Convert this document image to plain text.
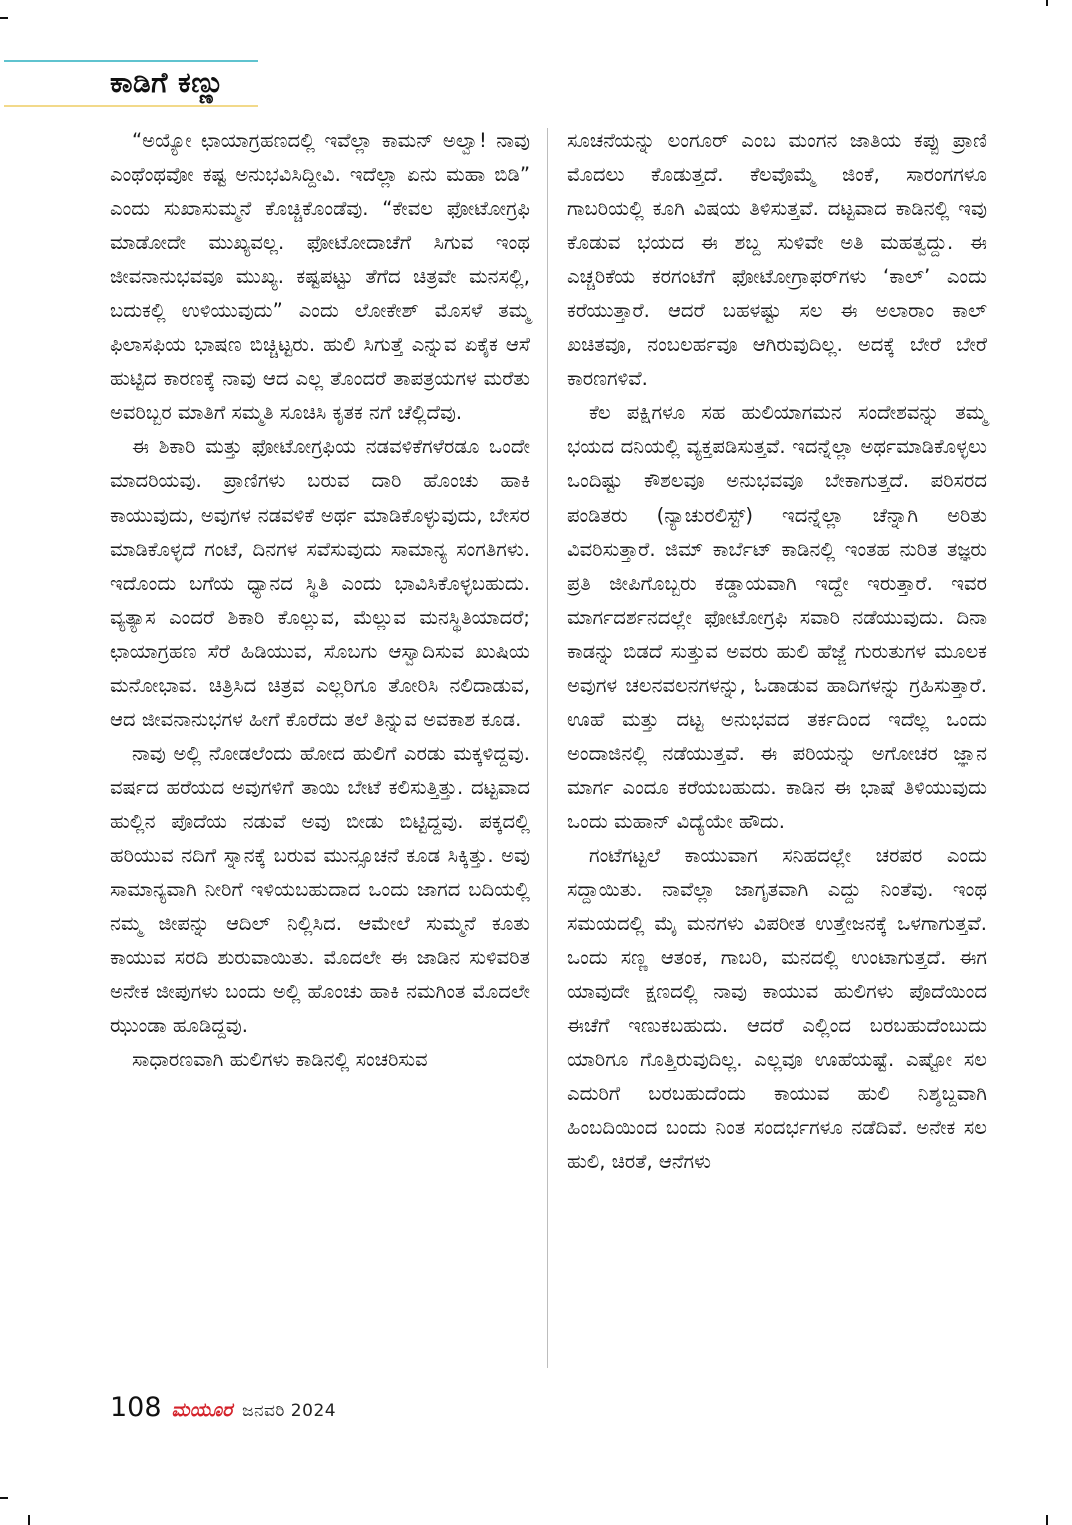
ಕಾಡಿಗೆ ಕಣ್ಣು

“ಅಯ್ಯೋ ಛಾಯಾಗ್ರಹಣದಲ್ಲಿ ಇವೆಲ್ಲಾ ಕಾಮನ್ ಅಲ್ವಾ! ನಾವು ಎಂಥೆಂಥವೋ ಕಷ್ಟ ಅನುಭವಿಸಿದ್ದೀವಿ. ಇದೆಲ್ಲಾ ಏನು ಮಹಾ ಬಿಡಿ” ಎಂದು ಸುಖಾಸುಮ್ಮನೆ ಕೊಚ್ಚಿಕೊಂಡೆವು. “ಕೇವಲ ಫೋಟೋಗ್ರಫಿ ಮಾಡೋದೇ ಮುಖ್ಯವಲ್ಲ. ಫೋಟೋದಾಚೆಗೆ ಸಿಗುವ ಇಂಥ ಜೀವನಾನುಭವವೂ ಮುಖ್ಯ. ಕಷ್ಟಪಟ್ಟು ತೆಗೆದ ಚಿತ್ರವೇ ಮನಸಲ್ಲಿ, ಬದುಕಲ್ಲಿ ಉಳಿಯುವುದು” ಎಂದು ಲೋಕೇಶ್ ಮೊಸಳೆ ತಮ್ಮ ಫಿಲಾಸಫಿಯ ಭಾಷಣ ಬಿಚ್ಚಿಟ್ಟರು. ಹುಲಿ ಸಿಗುತ್ತೆ ಎನ್ನುವ ಏಕೈಕ ಆಸೆ ಹುಟ್ಟಿದ ಕಾರಣಕ್ಕೆ ನಾವು ಆದ ಎಲ್ಲ ತೊಂದರೆ ತಾಪತ್ರಯಗಳ ಮರೆತು ಅವರಿಬ್ಬರ ಮಾತಿಗೆ ಸಮ್ಮತಿ ಸೂಚಿಸಿ ಕೃತಕ ನಗೆ ಚೆಲ್ಲಿದೆವು.

ಈ ಶಿಕಾರಿ ಮತ್ತು ಫೋಟೋಗ್ರಫಿಯ ನಡವಳಿಕೆಗಳೆರಡೂ ಒಂದೇ ಮಾದರಿಯವು. ಪ್ರಾಣಿಗಳು ಬರುವ ದಾರಿ ಹೊಂಚು ಹಾಕಿ ಕಾಯುವುದು, ಅವುಗಳ ನಡವಳಿಕೆ ಅರ್ಥ ಮಾಡಿಕೊಳ್ಳುವುದು, ಬೇಸರ ಮಾಡಿಕೊಳ್ಳದೆ ಗಂಟೆ, ದಿನಗಳ ಸವೆಸುವುದು ಸಾಮಾನ್ಯ ಸಂಗತಿಗಳು. ಇದೊಂದು ಬಗೆಯ ಧ್ಯಾನದ ಸ್ಥಿತಿ ಎಂದು ಭಾವಿಸಿಕೊಳ್ಳಬಹುದು. ವ್ಯತ್ಯಾಸ ಎಂದರೆ ಶಿಕಾರಿ ಕೊಲ್ಲುವ, ಮೆಲ್ಲುವ ಮನಸ್ಥಿತಿಯಾದರೆ; ಛಾಯಾಗ್ರಹಣ ಸೆರೆ ಹಿಡಿಯುವ, ಸೊಬಗು ಆಸ್ವಾದಿಸುವ ಖುಷಿಯ ಮನೋಭಾವ. ಚಿತ್ರಿಸಿದ ಚಿತ್ರವ ಎಲ್ಲರಿಗೂ ತೋರಿಸಿ ನಲಿದಾಡುವ, ಆದ ಜೀವನಾನುಭಗಳ ಹೀಗೆ ಕೊರೆದು ತಲೆ ತಿನ್ನುವ ಅವಕಾಶ ಕೂಡ.

ನಾವು ಅಲ್ಲಿ ನೋಡಲೆಂದು ಹೋದ ಹುಲಿಗೆ ಎರಡು ಮಕ್ಕಳಿದ್ದವು. ವರ್ಷದ ಹರೆಯದ ಅವುಗಳಿಗೆ ತಾಯಿ ಬೇಟೆ ಕಲಿಸುತ್ತಿತ್ತು. ದಟ್ಟವಾದ ಹುಲ್ಲಿನ ಪೊದೆಯ ನಡುವೆ ಅವು ಬೀಡು ಬಿಟ್ಟಿದ್ದವು. ಪಕ್ಕದಲ್ಲಿ ಹರಿಯುವ ನದಿಗೆ ಸ್ನಾನಕ್ಕೆ ಬರುವ ಮುನ್ಸೂಚನೆ ಕೂಡ ಸಿಕ್ಕಿತ್ತು. ಅವು ಸಾಮಾನ್ಯವಾಗಿ ನೀರಿಗೆ ಇಳಿಯಬಹುದಾದ ಒಂದು ಜಾಗದ ಬದಿಯಲ್ಲಿ ನಮ್ಮ ಜೀಪನ್ನು ಆದಿಲ್ ನಿಲ್ಲಿಸಿದ. ಆಮೇಲೆ ಸುಮ್ಮನೆ ಕೂತು ಕಾಯುವ ಸರದಿ ಶುರುವಾಯಿತು. ಮೊದಲೇ ಈ ಜಾಡಿನ ಸುಳಿವರಿತ ಅನೇಕ ಜೀಪುಗಳು ಬಂದು ಅಲ್ಲಿ ಹೊಂಚು ಹಾಕಿ ನಮಗಿಂತ ಮೊದಲೇ ಝುಂಡಾ ಹೂಡಿದ್ದವು.

ಸಾಧಾರಣವಾಗಿ ಹುಲಿಗಳು ಕಾಡಿನಲ್ಲಿ ಸಂಚರಿಸುವ

ಸೂಚನೆಯನ್ನು ಲಂಗೂರ್ ಎಂಬ ಮಂಗನ ಜಾತಿಯ ಕಪ್ಪು ಪ್ರಾಣಿ ಮೊದಲು ಕೊಡುತ್ತದೆ. ಕೆಲವೊಮ್ಮೆ ಜಿಂಕೆ, ಸಾರಂಗಗಳೂ ಗಾಬರಿಯಲ್ಲಿ ಕೂಗಿ ವಿಷಯ ತಿಳಿಸುತ್ತವೆ. ದಟ್ಟವಾದ ಕಾಡಿನಲ್ಲಿ ಇವು ಕೊಡುವ ಭಯದ ಈ ಶಬ್ದ ಸುಳಿವೇ ಅತಿ ಮಹತ್ವದ್ದು. ಈ ಎಚ್ಚರಿಕೆಯ ಕರಗಂಟೆಗೆ ಫೋಟೋಗ್ರಾಫರ್‌ಗಳು ‘ಕಾಲ್’ ಎಂದು ಕರೆಯುತ್ತಾರೆ. ಆದರೆ ಬಹಳಷ್ಟು ಸಲ ಈ ಅಲಾರಾಂ ಕಾಲ್ ಖಚಿತವೂ, ನಂಬಲರ್ಹವೂ ಆಗಿರುವುದಿಲ್ಲ. ಅದಕ್ಕೆ ಬೇರೆ ಬೇರೆ ಕಾರಣಗಳಿವೆ.

ಕೆಲ ಪಕ್ಷಿಗಳೂ ಸಹ ಹುಲಿಯಾಗಮನ ಸಂದೇಶವನ್ನು ತಮ್ಮ ಭಯದ ದನಿಯಲ್ಲಿ ವ್ಯಕ್ತಪಡಿಸುತ್ತವೆ. ಇದನ್ನೆಲ್ಲಾ ಅರ್ಥಮಾಡಿಕೊಳ್ಳಲು ಒಂದಿಷ್ಟು ಕೌಶಲವೂ ಅನುಭವವೂ ಬೇಕಾಗುತ್ತದೆ. ಪರಿಸರದ ಪಂಡಿತರು (ನ್ಯಾಚುರಲಿಸ್ಟ್) ಇದನ್ನೆಲ್ಲಾ ಚೆನ್ನಾಗಿ ಅರಿತು ವಿವರಿಸುತ್ತಾರೆ. ಜಿಮ್ ಕಾರ್ಬೆಟ್ ಕಾಡಿನಲ್ಲಿ ಇಂತಹ ನುರಿತ ತಜ್ಞರು ಪ್ರತಿ ಜೀಪಿಗೊಬ್ಬರು ಕಡ್ಡಾಯವಾಗಿ ಇದ್ದೇ ಇರುತ್ತಾರೆ. ಇವರ ಮಾರ್ಗದರ್ಶನದಲ್ಲೇ ಫೋಟೋಗ್ರಫಿ ಸವಾರಿ ನಡೆಯುವುದು. ದಿನಾ ಕಾಡನ್ನು ಬಿಡದೆ ಸುತ್ತುವ ಅವರು ಹುಲಿ ಹೆಜ್ಜೆ ಗುರುತುಗಳ ಮೂಲಕ ಅವುಗಳ ಚಲನವಲನಗಳನ್ನು, ಓಡಾಡುವ ಹಾದಿಗಳನ್ನು ಗ್ರಹಿಸುತ್ತಾರೆ. ಊಹೆ ಮತ್ತು ದಟ್ಟ ಅನುಭವದ ತರ್ಕದಿಂದ ಇದೆಲ್ಲ ಒಂದು ಅಂದಾಜಿನಲ್ಲಿ ನಡೆಯುತ್ತವೆ. ಈ ಪರಿಯನ್ನು ಅಗೋಚರ ಜ್ಞಾನ ಮಾರ್ಗ ಎಂದೂ ಕರೆಯಬಹುದು. ಕಾಡಿನ ಈ ಭಾಷೆ ತಿಳಿಯುವುದು ಒಂದು ಮಹಾನ್ ವಿದ್ಯೆಯೇ ಹೌದು.

ಗಂಟೆಗಟ್ಟಲೆ ಕಾಯುವಾಗ ಸನಿಹದಲ್ಲೇ ಚರಪರ ಎಂದು ಸದ್ದಾಯಿತು. ನಾವೆಲ್ಲಾ ಜಾಗೃತವಾಗಿ ಎದ್ದು ನಿಂತೆವು. ಇಂಥ ಸಮಯದಲ್ಲಿ ಮೈ ಮನಗಳು ವಿಪರೀತ ಉತ್ತೇಜನಕ್ಕೆ ಒಳಗಾಗುತ್ತವೆ. ಒಂದು ಸಣ್ಣ ಆತಂಕ, ಗಾಬರಿ, ಮನದಲ್ಲಿ ಉಂಟಾಗುತ್ತದೆ. ಈಗ ಯಾವುದೇ ಕ್ಷಣದಲ್ಲಿ ನಾವು ಕಾಯುವ ಹುಲಿಗಳು ಪೊದೆಯಿಂದ ಈಚೆಗೆ ಇಣುಕಬಹುದು. ಆದರೆ ಎಲ್ಲಿಂದ ಬರಬಹುದೆಂಬುದು ಯಾರಿಗೂ ಗೊತ್ತಿರುವುದಿಲ್ಲ. ಎಲ್ಲವೂ ಊಹೆಯಷ್ಟೆ. ಎಷ್ಟೋ ಸಲ ಎದುರಿಗೆ ಬರಬಹುದೆಂದು ಕಾಯುವ ಹುಲಿ ನಿಶ್ಶಬ್ದವಾಗಿ ಹಿಂಬದಿಯಿಂದ ಬಂದು ನಿಂತ ಸಂದರ್ಭಗಳೂ ನಡೆದಿವೆ. ಅನೇಕ ಸಲ ಹುಲಿ, ಚಿರತೆ, ಆನೆಗಳು

108 ಮಯೂರ ಜನವರಿ 2024
